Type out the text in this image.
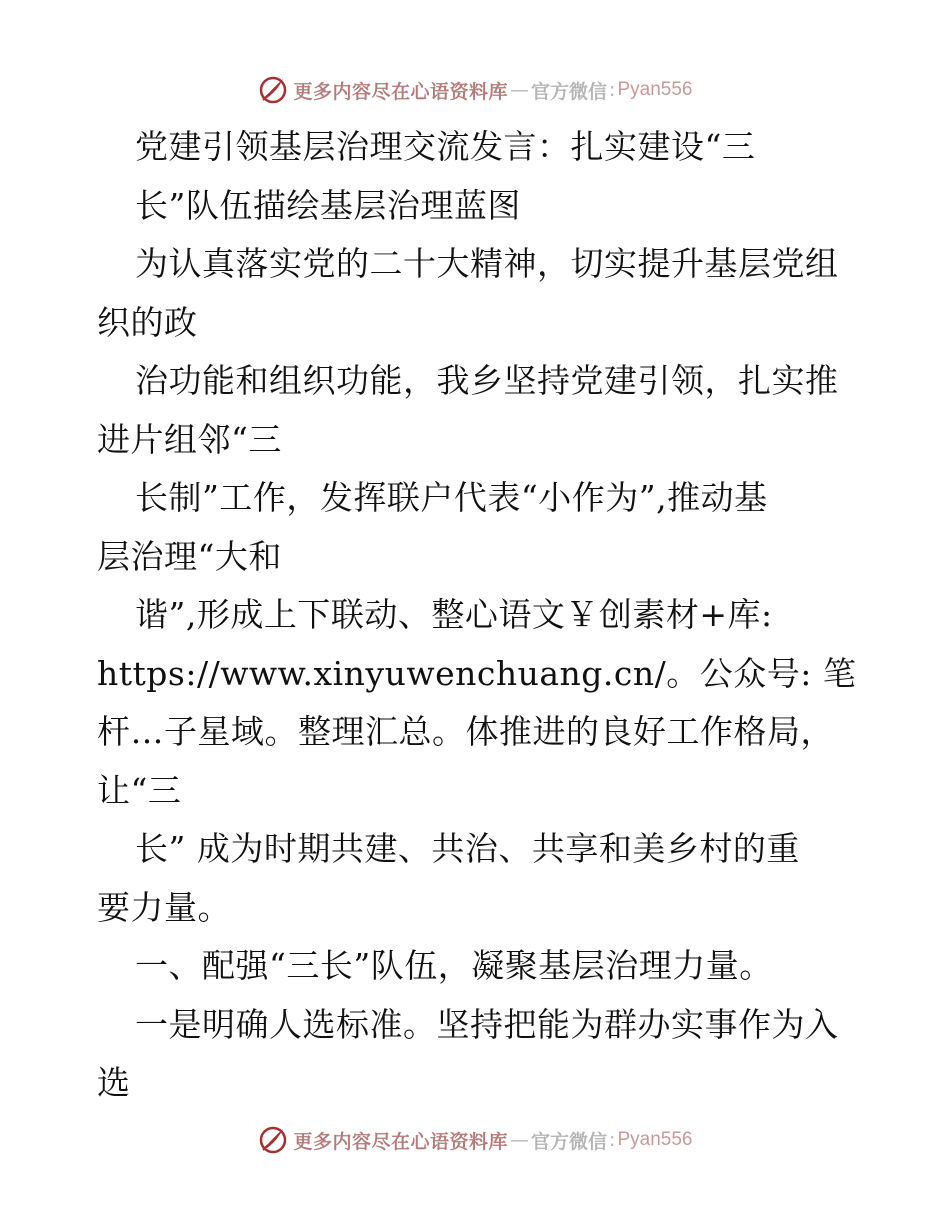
更多内容尽在心语资料库 — 官方微信 : Pyan556
党建引领基层治理交流发言：扎实建设“三
长”队伍描绘基层治理蓝图
为认真落实党的二十大精神，切实提升基层党组
织的政
治功能和组织功能，我乡坚持党建引领，扎实推
进片组邻“三
长制”工作，发挥联户代表“小作为”,推动基
层治理“大和
谐”,形成上下联动、整心语文￥创素材+库:
https://www.xinyuwenchuang.cn/。公众号: 笔
杆…子星域。整理汇总。体推进的良好工作格局，
让“三
长” 成为时期共建、共治、共享和美乡村的重
要力量。
一、配强“三长”队伍，凝聚基层治理力量。
一是明确人选标准。坚持把能为群办实事作为入
选
更多内容尽在心语资料库 — 官方微信 : Pyan556
